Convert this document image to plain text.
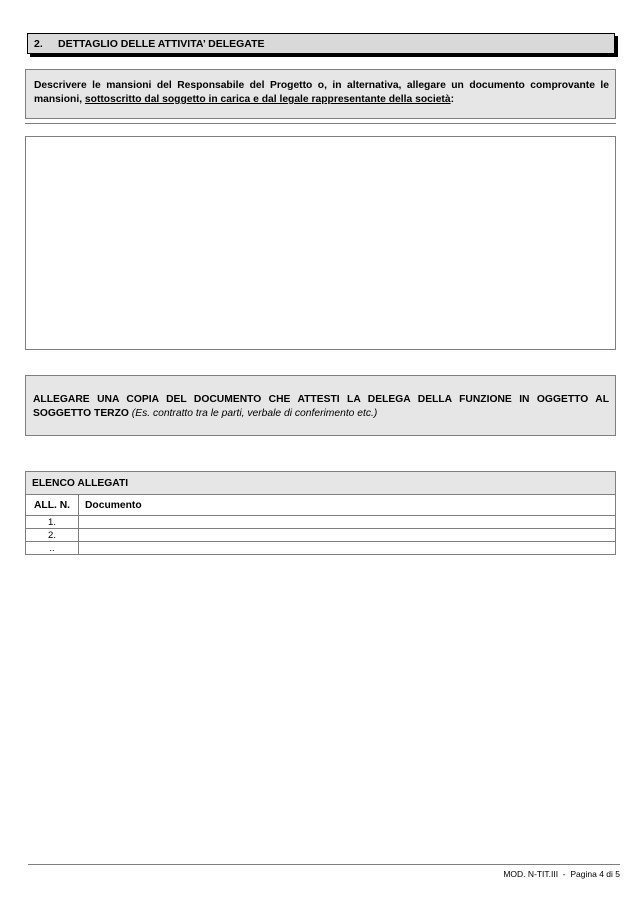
2. DETTAGLIO DELLE ATTIVITA’ DELEGATE
Descrivere le mansioni del Responsabile del Progetto o, in alternativa, allegare un documento comprovante le mansioni, sottoscritto dal soggetto in carica e dal legale rappresentante della società:
ALLEGARE UNA COPIA DEL DOCUMENTO CHE ATTESTI LA DELEGA DELLA FUNZIONE IN OGGETTO AL SOGGETTO TERZO (Es. contratto tra le parti, verbale di conferimento etc.)
ELENCO ALLEGATI	
ALL. N.	Documento
1.	
2.	
..	
MOD. N-TIT.III  - Pagina 4 di 5
